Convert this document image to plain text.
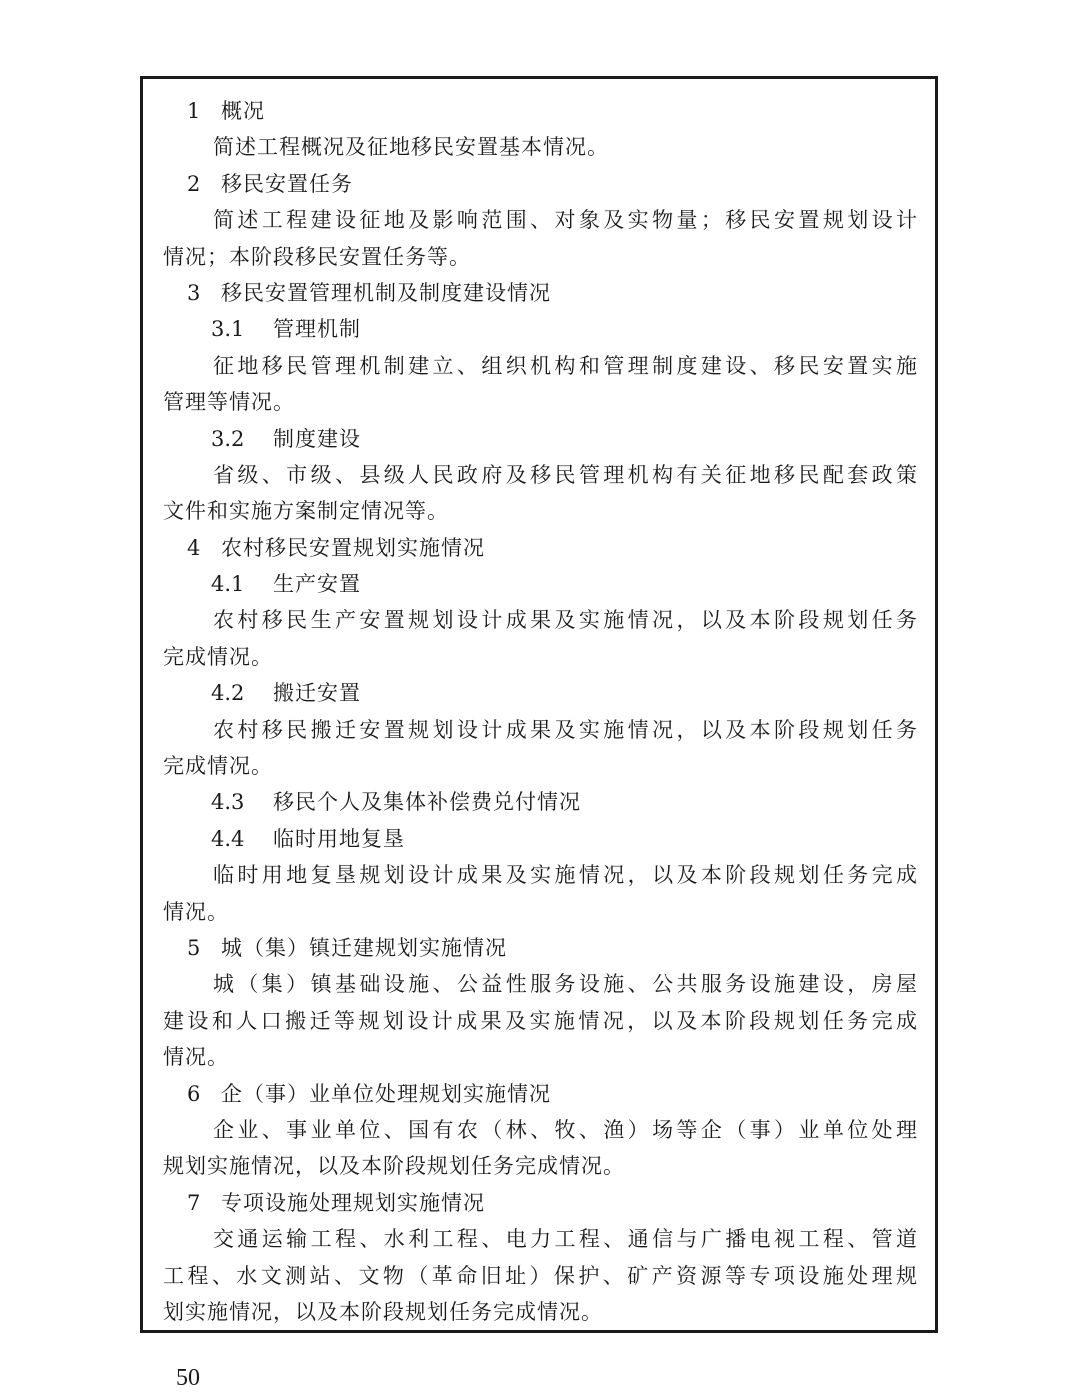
1 概况
简述工程概况及征地移民安置基本情况。
2 移民安置任务
简述工程建设征地及影响范围、对象及实物量；移民安置规划设计
情况；本阶段移民安置任务等。
3 移民安置管理机制及制度建设情况
3.1 管理机制
征地移民管理机制建立、组织机构和管理制度建设、移民安置实施
管理等情况。
3.2 制度建设
省级、市级、县级人民政府及移民管理机构有关征地移民配套政策
文件和实施方案制定情况等。
4 农村移民安置规划实施情况
4.1 生产安置
农村移民生产安置规划设计成果及实施情况，以及本阶段规划任务
完成情况。
4.2 搬迁安置
农村移民搬迁安置规划设计成果及实施情况，以及本阶段规划任务
完成情况。
4.3 移民个人及集体补偿费兑付情况
4.4 临时用地复垦
临时用地复垦规划设计成果及实施情况，以及本阶段规划任务完成
情况。
5 城（集）镇迁建规划实施情况
城（集）镇基础设施、公益性服务设施、公共服务设施建设，房屋
建设和人口搬迁等规划设计成果及实施情况，以及本阶段规划任务完成
情况。
6 企（事）业单位处理规划实施情况
企业、事业单位、国有农（林、牧、渔）场等企（事）业单位处理
规划实施情况，以及本阶段规划任务完成情况。
7 专项设施处理规划实施情况
交通运输工程、水利工程、电力工程、通信与广播电视工程、管道
工程、水文测站、文物（革命旧址）保护、矿产资源等专项设施处理规
划实施情况，以及本阶段规划任务完成情况。
50
